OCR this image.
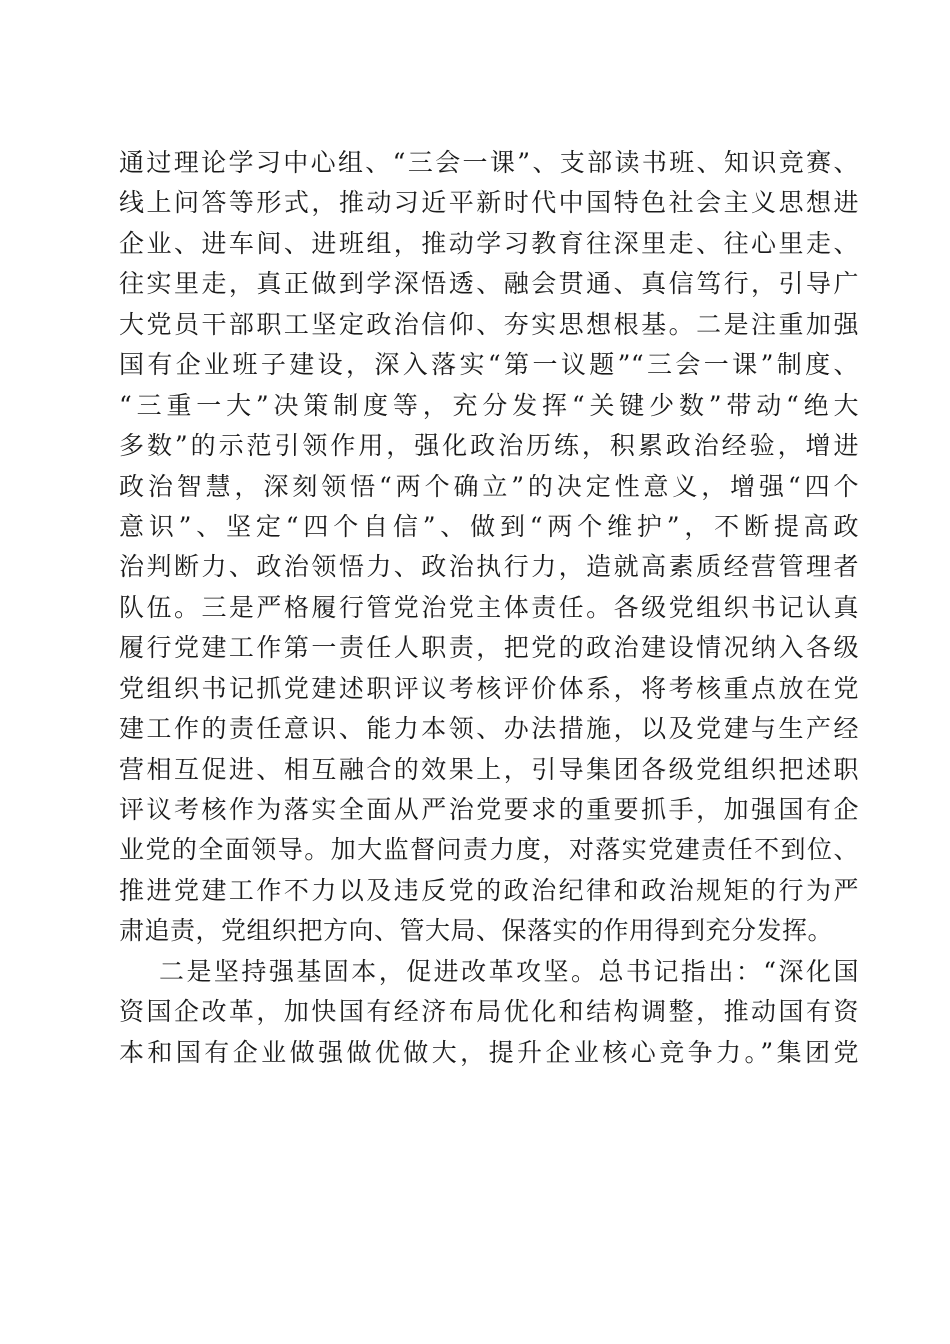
通过理论学习中心组、“三会一课”、支部读书班、知识竞赛、
线上问答等形式，推动习近平新时代中国特色社会主义思想进
企业、进车间、进班组，推动学习教育往深里走、往心里走、
往实里走，真正做到学深悟透、融会贯通、真信笃行，引导广
大党员干部职工坚定政治信仰、夯实思想根基。二是注重加强
国有企业班子建设，深入落实“第一议题”“三会一课”制度、
“三重一大”决策制度等，充分发挥“关键少数”带动“绝大
多数”的示范引领作用，强化政治历练，积累政治经验，增进
政治智慧，深刻领悟“两个确立”的决定性意义，增强“四个
意识”、坚定“四个自信”、做到“两个维护”，不断提高政
治判断力、政治领悟力、政治执行力，造就高素质经营管理者
队伍。三是严格履行管党治党主体责任。各级党组织书记认真
履行党建工作第一责任人职责，把党的政治建设情况纳入各级
党组织书记抓党建述职评议考核评价体系，将考核重点放在党
建工作的责任意识、能力本领、办法措施，以及党建与生产经
营相互促进、相互融合的效果上，引导集团各级党组织把述职
评议考核作为落实全面从严治党要求的重要抓手，加强国有企
业党的全面领导。加大监督问责力度，对落实党建责任不到位、
推进党建工作不力以及违反党的政治纪律和政治规矩的行为严
肃追责，党组织把方向、管大局、保落实的作用得到充分发挥。
二是坚持强基固本，促进改革攻坚。总书记指出：“深化国
资国企改革，加快国有经济布局优化和结构调整，推动国有资
本和国有企业做强做优做大，提升企业核心竞争力。”集团党
